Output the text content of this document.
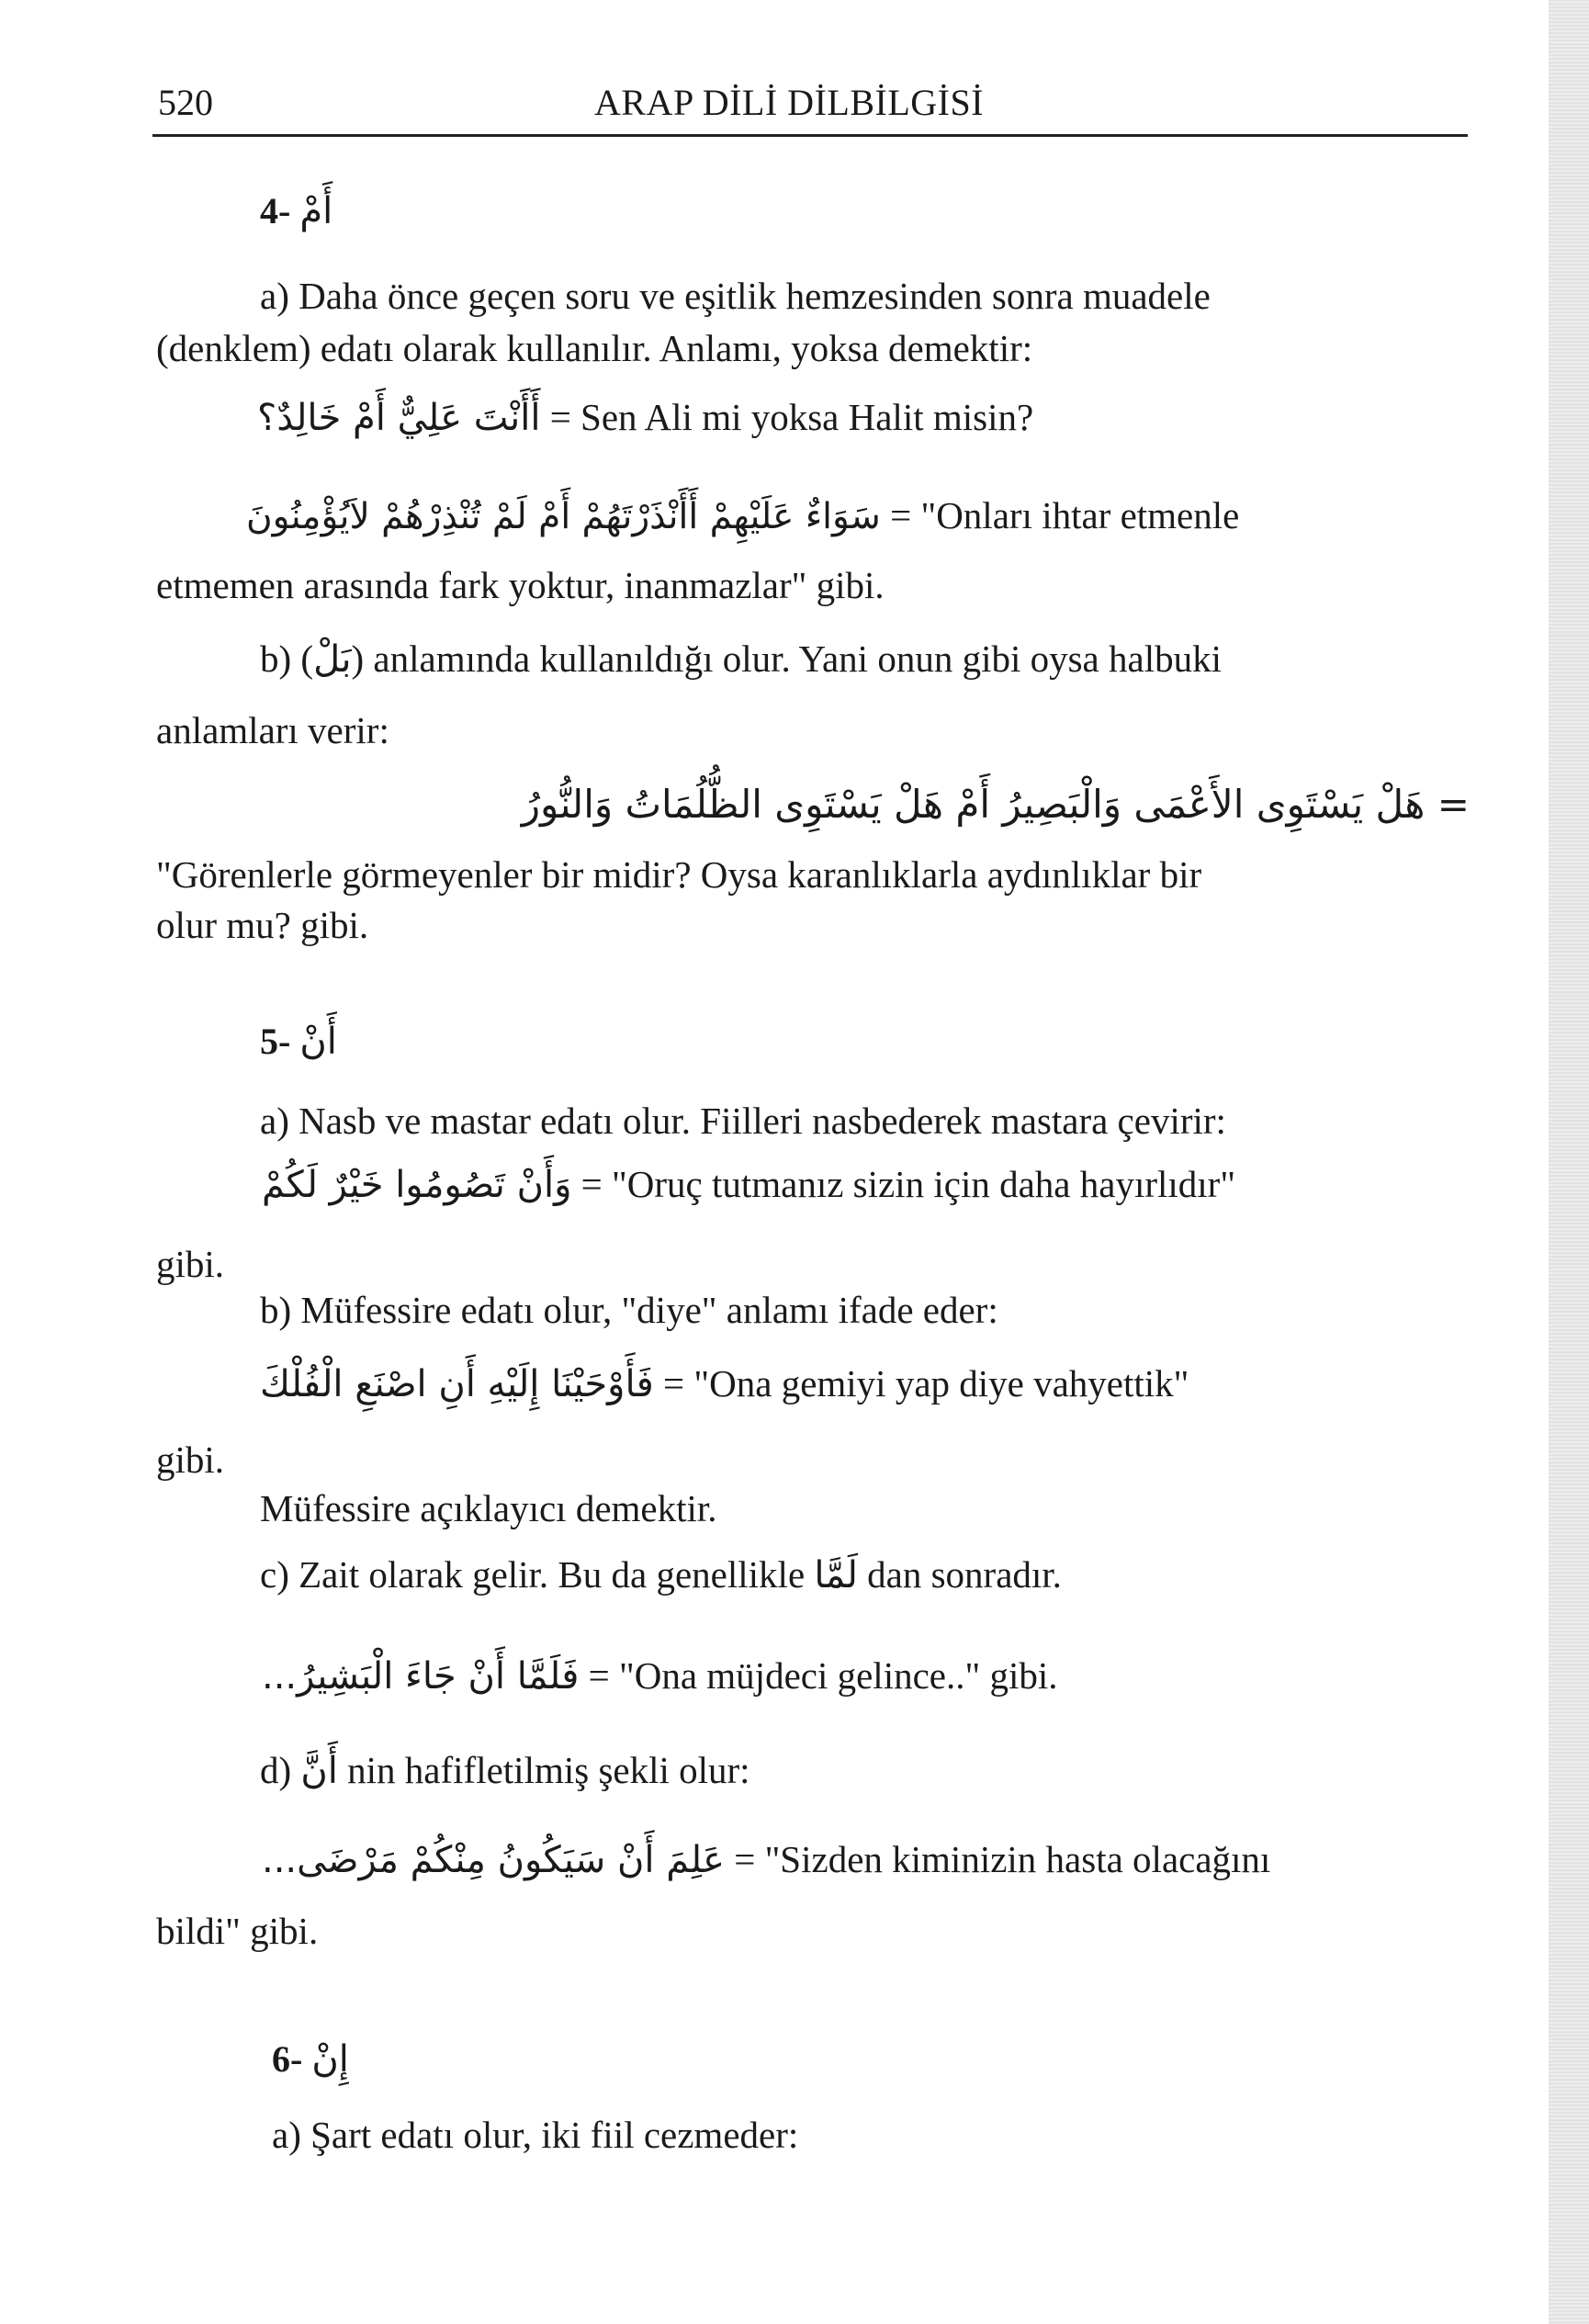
520	ARAP DİLİ DİLBİLGİSİ
4- أَمْ
a) Daha önce geçen soru ve eşitlik hemzesinden sonra muadele
(denklem) edatı olarak kullanılır. Anlamı, yoksa demektir:
أَأَنْتَ عَلِيٌّ أَمْ خَالِدٌ؟ = Sen Ali mi yoksa Halit misin?
سَوَاءٌ عَلَيْهِمْ أَأَنْذَرْتَهُمْ أَمْ لَمْ تُنْذِرْهُمْ لاَيُؤْمِنُونَ = "Onları ihtar etmenle
etmemen arasında fark yoktur, inanmazlar" gibi.
b) (بَلْ) anlamında kullanıldığı olur. Yani onun gibi oysa halbuki
anlamları verir:
= هَلْ يَسْتَوِى الأَعْمَى وَالْبَصِيرُ أَمْ هَلْ يَسْتَوِى الظُّلُمَاتُ وَالنُّورُ
"Görenlerle görmeyenler bir midir? Oysa karanlıklarla aydınlıklar bir
olur mu? gibi.
5- أَنْ
a) Nasb ve mastar edatı olur. Fiilleri nasbederek mastara çevirir:
وَأَنْ تَصُومُوا خَيْرٌ لَكُمْ = "Oruç tutmanız sizin için daha hayırlıdır"
gibi.
b) Müfessire edatı olur, "diye" anlamı ifade eder:
فَأَوْحَيْنَا إِلَيْهِ أَنِ اصْنَعِ الْفُلْكَ = "Ona gemiyi yap diye vahyettik"
gibi.
Müfessire açıklayıcı demektir.
c) Zait olarak gelir. Bu da genellikle لَمَّا dan sonradır.
فَلَمَّا أَنْ جَاءَ الْبَشِيرُ... = "Ona müjdeci gelince.." gibi.
d) أَنَّ nin hafifletilmiş şekli olur:
عَلِمَ أَنْ سَيَكُونُ مِنْكُمْ مَرْضَى... = "Sizden kiminizin hasta olacağını
bildi" gibi.
6- إِنْ
a) Şart edatı olur, iki fiil cezmeder:
